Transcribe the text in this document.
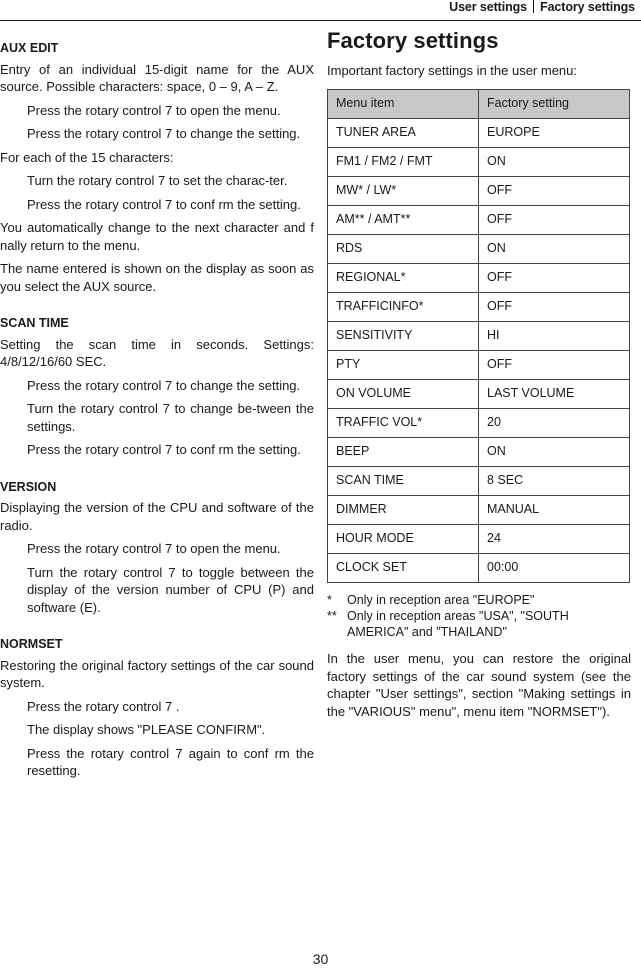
User settings Factory settings
AUX EDIT

Entry of an individual 15-digit name for the AUX source. Possible characters: space, 0 – 9, A – Z.

Press the rotary control 7 to open the menu.

Press the rotary control 7 to change the setting.

For each of the 15 characters:

Turn the rotary control 7 to set the charac-ter.

Press the rotary control 7 to conf rm the setting.

You automatically change to the next character and f nally return to the menu.

The name entered is shown on the display as soon as you select the AUX source.

SCAN TIME

Setting the scan time in seconds. Settings: 4/8/12/16/60 SEC.

Press the rotary control 7 to change the setting.

Turn the rotary control 7 to change be-tween the settings.

Press the rotary control 7 to conf rm the setting.

VERSION

Displaying the version of the CPU and software of the radio.

Press the rotary control 7 to open the menu.

Turn the rotary control 7 to toggle between the display of the version number of CPU (P) and software (E).

NORMSET

Restoring the original factory settings of the car sound system.

Press the rotary control 7 .

The display shows "PLEASE CONFIRM".

Press the rotary control 7 again to conf rm the resetting.

Factory settings

Important factory settings in the user menu:

Menu item	Factory setting
TUNER AREA	EUROPE
FM1 / FM2 / FMT	ON
MW* / LW*	OFF
AM** / AMT**	OFF
RDS	ON
REGIONAL*	OFF
TRAFFICINFO*	OFF
SENSITIVITY	HI
PTY	OFF
ON VOLUME	LAST VOLUME
TRAFFIC VOL*	20
BEEP	ON
SCAN TIME	8 SEC
DIMMER	MANUAL
HOUR MODE	24
CLOCK SET	00:00
*	Only in reception area "EUROPE"
** Only in reception areas "USA", "SOUTH AMERICA" and "THAILAND"

In the user menu, you can restore the original factory settings of the car sound system (see the chapter "User settings", section "Making settings in the "VARIOUS" menu", menu item "NORMSET").

30
